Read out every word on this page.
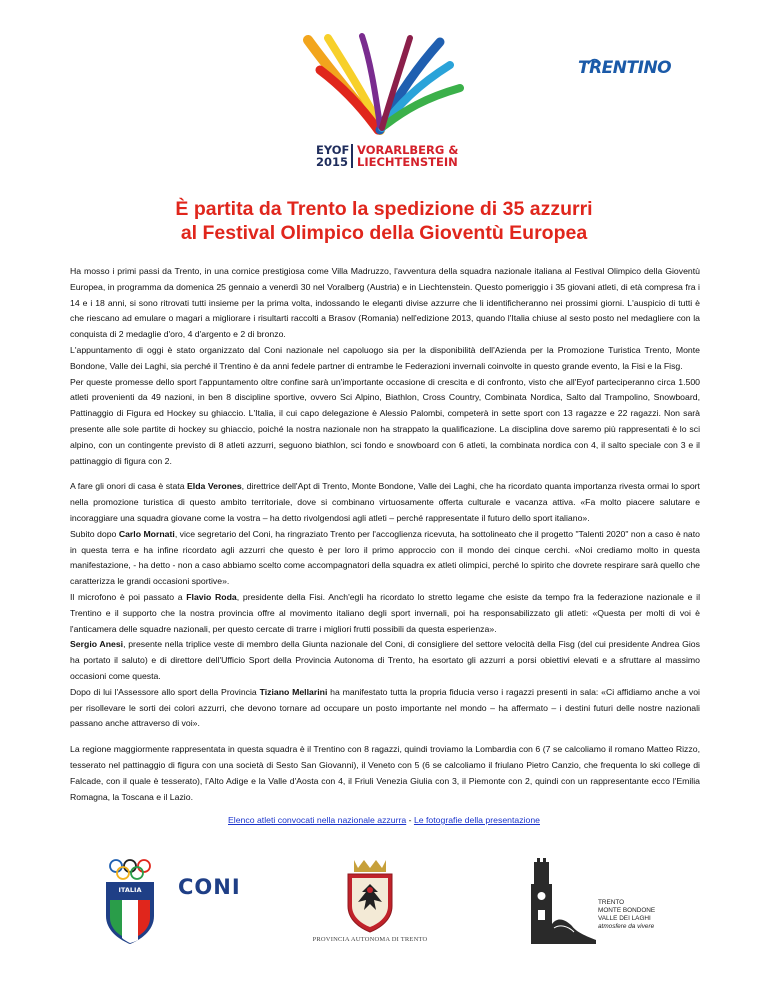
EYOF
2015
VORARLBERG &
LIECHTENSTEIN
TRENTINO
È partita da Trento la spedizione di 35 azzurri
al Festival Olimpico della Gioventù Europea

Ha mosso i primi passi da Trento, in una cornice prestigiosa come Villa Madruzzo, l'avventura della squadra nazionale italiana al Festival Olimpico della Gioventù Europea, in programma da domenica 25 gennaio a venerdì 30 nel Voralberg (Austria) e in Liechtenstein. Questo pomeriggio i 35 giovani atleti, di età compresa fra i 14 e i 18 anni, si sono ritrovati tutti insieme per la prima volta, indossando le eleganti divise azzurre che li identificheranno nei prossimi giorni. L'auspicio di tutti è che riescano ad emulare o magari a migliorare i risultarti raccolti a Brasov (Romania) nell'edizione 2013, quando l'Italia chiuse al sesto posto nel medagliere con la conquista di 2 medaglie d'oro, 4 d'argento e 2 di bronzo.

L'appuntamento di oggi è stato organizzato dal Coni nazionale nel capoluogo sia per la disponibilità dell'Azienda per la Promozione Turistica Trento, Monte Bondone, Valle dei Laghi, sia perché il Trentino è da anni fedele partner di entrambe le Federazioni invernali coinvolte in questo grande evento, la Fisi e la Fisg.

Per queste promesse dello sport l'appuntamento oltre confine sarà un'importante occasione di crescita e di confronto, visto che all'Eyof parteciperanno circa 1.500 atleti provenienti da 49 nazioni, in ben 8 discipline sportive, ovvero Sci Alpino, Biathlon, Cross Country, Combinata Nordica, Salto dal Trampolino, Snowboard, Pattinaggio di Figura ed Hockey su ghiaccio. L'Italia, il cui capo delegazione è Alessio Palombi, competerà in sette sport con 13 ragazze e 22 ragazzi. Non sarà presente alle sole partite di hockey su ghiaccio, poiché la nostra nazionale non ha strappato la qualificazione. La disciplina dove saremo più rappresentati è lo sci alpino, con un contingente previsto di 8 atleti azzurri, seguono biathlon, sci fondo e snowboard con 6 atleti, la combinata nordica con 4, il salto speciale con 3 e il pattinaggio di figura con 2.

A fare gli onori di casa è stata Elda Verones, direttrice dell'Apt di Trento, Monte Bondone, Valle dei Laghi, che ha ricordato quanta importanza rivesta ormai lo sport nella promozione turistica di questo ambito territoriale, dove si combinano virtuosamente offerta culturale e vacanza attiva. «Fa molto piacere salutare e incoraggiare una squadra giovane come la vostra – ha detto rivolgendosi agli atleti – perché rappresentate il futuro dello sport italiano».

Subito dopo Carlo Mornati, vice segretario del Coni, ha ringraziato Trento per l'accoglienza ricevuta, ha sottolineato che il progetto "Talenti 2020" non a caso è nato in questa terra e ha infine ricordato agli azzurri che questo è per loro il primo approccio con il mondo dei cinque cerchi. «Noi crediamo molto in questa manifestazione, - ha detto - non a caso abbiamo scelto come accompagnatori della squadra ex atleti olimpici, perché lo spirito che dovrete respirare sarà quello che caratterizza le grandi occasioni sportive».

Il microfono è poi passato a Flavio Roda, presidente della Fisi. Anch'egli ha ricordato lo stretto legame che esiste da tempo fra la federazione nazionale e il Trentino e il supporto che la nostra provincia offre al movimento italiano degli sport invernali, poi ha responsabilizzato gli atleti: «Questa per molti di voi è l'anticamera delle squadre nazionali, per questo cercate di trarre i migliori frutti possibili da questa esperienza».

Sergio Anesi, presente nella triplice veste di membro della Giunta nazionale del Coni, di consigliere del settore velocità della Fisg (del cui presidente Andrea Gios ha portato il saluto) e di direttore dell'Ufficio Sport della Provincia Autonoma di Trento, ha esortato gli azzurri a porsi obiettivi elevati e a sfruttare al massimo occasioni come questa.

Dopo di lui l'Assessore allo sport della Provincia Tiziano Mellarini ha manifestato tutta la propria fiducia verso i ragazzi presenti in sala: «Ci affidiamo anche a voi per risollevare le sorti dei colori azzurri, che devono tornare ad occupare un posto importante nel mondo – ha affermato – i destini futuri delle nostre nazionali passano anche attraverso di voi».

La regione maggiormente rappresentata in questa squadra è il Trentino con 8 ragazzi, quindi troviamo la Lombardia con 6 (7 se calcoliamo il romano Matteo Rizzo, tesserato nel pattinaggio di figura con una società di Sesto San Giovanni), il Veneto con 5 (6 se calcoliamo il friulano Pietro Canzio, che frequenta lo ski college di Falcade, con il quale è tesserato), l'Alto Adige e la Valle d'Aosta con 4, il Friuli Venezia Giulia con 3, il Piemonte con 2, quindi con un rappresentante ecco l'Emilia Romagna, la Toscana e il Lazio.

Elenco atleti convocati nella nazionale azzurra - Le fotografie della presentazione
ITALIA	CONI
PROVINCIA AUTONOMA DI TRENTO
TRENTO
MONTE BONDONE
VALLE DEI LAGHI
atmosfere da vivere
